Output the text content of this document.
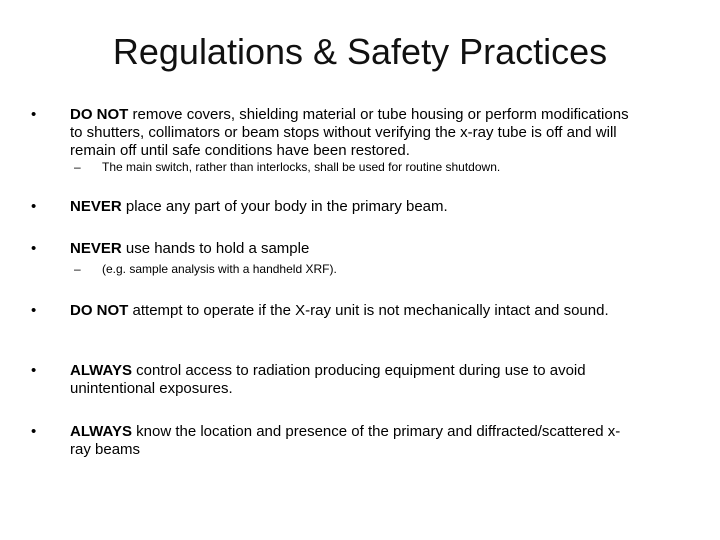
Regulations & Safety Practices
• DO NOT remove covers, shielding material or tube housing or perform modifications to shutters, collimators or beam stops without verifying the x-ray tube is off and will remain off until safe conditions have been restored.
– The main switch, rather than interlocks, shall be used for routine shutdown.
• NEVER place any part of your body in the primary beam.
• NEVER use hands to hold a sample
– (e.g. sample analysis with a handheld XRF).
• DO NOT attempt to operate if the X-ray unit is not mechanically intact and sound.
• ALWAYS control access to radiation producing equipment during use to avoid unintentional exposures.
• ALWAYS know the location and presence of the primary and diffracted/scattered x-ray beams
